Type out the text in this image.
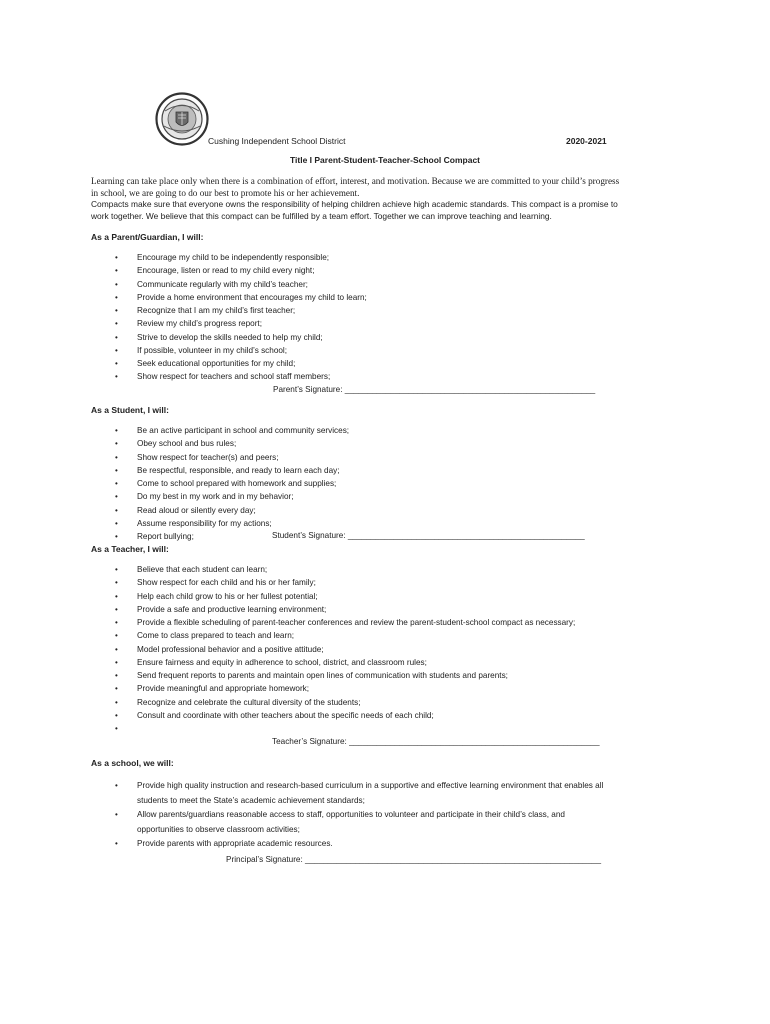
Cushing Independent School District	2020-2021
Title I Parent-Student-Teacher-School Compact
Learning can take place only when there is a combination of effort, interest, and motivation. Because we are committed to your child’s progress
in school, we are going to do our best to promote his or her achievement.
Compacts make sure that everyone owns the responsibility of helping children achieve high academic standards. This compact is a promise to
work together. We believe that this compact can be fulfilled by a team effort. Together we can improve teaching and learning.
As a Parent/Guardian, I will:
• Encourage my child to be independently responsible;
• Encourage, listen or read to my child every night;
• Communicate regularly with my child’s teacher;
• Provide a home environment that encourages my child to learn;
• Recognize that I am my child’s first teacher;
• Review my child’s progress report;
• Strive to develop the skills needed to help my child;
• If possible, volunteer in my child’s school;
• Seek educational opportunities for my child;
• Show respect for teachers and school staff members;
Parent’s Signature: _______________________________________________________
As a Student, I will:
• Be an active participant in school and community services;
• Obey school and bus rules;
• Show respect for teacher(s) and peers;
• Be respectful, responsible, and ready to learn each day;
• Come to school prepared with homework and supplies;
• Do my best in my work and in my behavior;
• Read aloud or silently every day;
• Assume responsibility for my actions;
• Report bullying;	Student’s Signature: ____________________________________________________
As a Teacher, I will:
• Believe that each student can learn;
• Show respect for each child and his or her family;
• Help each child grow to his or her fullest potential;
• Provide a safe and productive learning environment;
• Provide a flexible scheduling of parent-teacher conferences and review the parent-student-school compact as necessary;
• Come to class prepared to teach and learn;
• Model professional behavior and a positive attitude;
• Ensure fairness and equity in adherence to school, district, and classroom rules;
• Send frequent reports to parents and maintain open lines of communication with students and parents;
• Provide meaningful and appropriate homework;
• Recognize and celebrate the cultural diversity of the students;
• Consult and coordinate with other teachers about the specific needs of each child;
•
Teacher’s Signature: _______________________________________________________
As a school, we will:
• Provide high quality instruction and research-based curriculum in a supportive and effective learning environment that enables all
students to meet the State’s academic achievement standards;
• Allow parents/guardians reasonable access to staff, opportunities to volunteer and participate in their child’s class, and
opportunities to observe classroom activities;
• Provide parents with appropriate academic resources.
Principal’s Signature: _________________________________________________________________
